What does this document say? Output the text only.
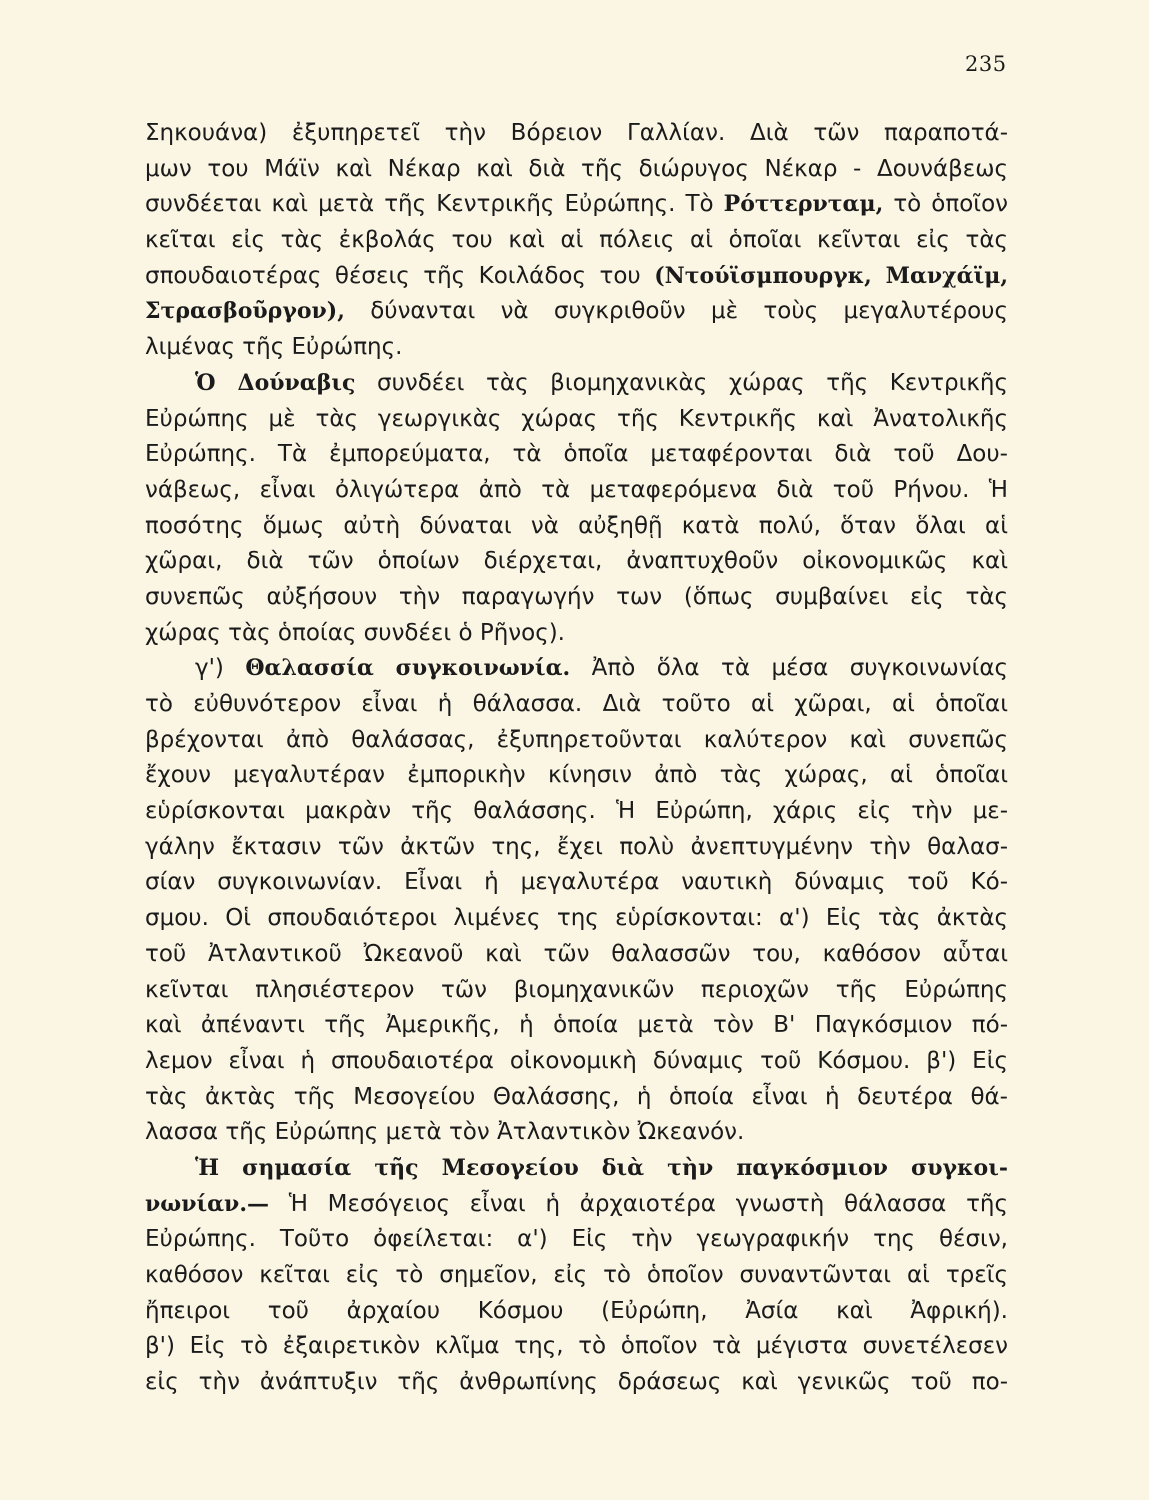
235
Σηκουάνα) ἐξυπηρετεῖ τὴν Βόρειον Γαλλίαν. Διὰ τῶν παραποτά-
μων του Μάϊν καὶ Νέκαρ καὶ διὰ τῆς διώρυγος Νέκαρ - Δουνάβεως
συνδέεται καὶ μετὰ τῆς Κεντρικῆς Εὐρώπης. Τὸ Ρόττερνταμ, τὸ ὁποῖον
κεῖται εἰς τὰς ἐκβολάς του καὶ αἱ πόλεις αἱ ὁποῖαι κεῖνται εἰς τὰς
σπουδαιοτέρας θέσεις τῆς Κοιλάδος του (Ντούϊσμπουργκ, Μανχάϊμ,
Στρασβοῦργον), δύνανται νὰ συγκριθοῦν μὲ τοὺς μεγαλυτέρους
λιμένας τῆς Εὐρώπης.
Ὁ Δούναβις συνδέει τὰς βιομηχανικὰς χώρας τῆς Κεντρικῆς
Εὐρώπης μὲ τὰς γεωργικὰς χώρας τῆς Κεντρικῆς καὶ Ἀνατολικῆς
Εὐρώπης. Τὰ ἐμπορεύματα, τὰ ὁποῖα μεταφέρονται διὰ τοῦ Δου-
νάβεως, εἶναι ὀλιγώτερα ἀπὸ τὰ μεταφερόμενα διὰ τοῦ Ρήνου. Ἡ
ποσότης ὅμως αὐτὴ δύναται νὰ αὐξηθῇ κατὰ πολύ, ὅταν ὅλαι αἱ
χῶραι, διὰ τῶν ὁποίων διέρχεται, ἀναπτυχθοῦν οἰκονομικῶς καὶ
συνεπῶς αὐξήσουν τὴν παραγωγήν των (ὅπως συμβαίνει εἰς τὰς
χώρας τὰς ὁποίας συνδέει ὁ Ρῆνος).
γ') Θαλασσία συγκοινωνία. Ἀπὸ ὅλα τὰ μέσα συγκοινωνίας
τὸ εὐθυνότερον εἶναι ἡ θάλασσα. Διὰ τοῦτο αἱ χῶραι, αἱ ὁποῖαι
βρέχονται ἀπὸ θαλάσσας, ἐξυπηρετοῦνται καλύτερον καὶ συνεπῶς
ἔχουν μεγαλυτέραν ἐμπορικὴν κίνησιν ἀπὸ τὰς χώρας, αἱ ὁποῖαι
εὑρίσκονται μακρὰν τῆς θαλάσσης. Ἡ Εὐρώπη, χάρις εἰς τὴν με-
γάλην ἔκτασιν τῶν ἀκτῶν της, ἔχει πολὺ ἀνεπτυγμένην τὴν θαλασ-
σίαν συγκοινωνίαν. Εἶναι ἡ μεγαλυτέρα ναυτικὴ δύναμις τοῦ Κό-
σμου. Οἱ σπουδαιότεροι λιμένες της εὑρίσκονται: α') Εἰς τὰς ἀκτὰς
τοῦ Ἀτλαντικοῦ Ὠκεανοῦ καὶ τῶν θαλασσῶν του, καθόσον αὗται
κεῖνται πλησιέστερον τῶν βιομηχανικῶν περιοχῶν τῆς Εὐρώπης
καὶ ἀπέναντι τῆς Ἀμερικῆς, ἡ ὁποία μετὰ τὸν Β' Παγκόσμιον πό-
λεμον εἶναι ἡ σπουδαιοτέρα οἰκονομικὴ δύναμις τοῦ Κόσμου. β') Εἰς
τὰς ἀκτὰς τῆς Μεσογείου Θαλάσσης, ἡ ὁποία εἶναι ἡ δευτέρα θά-
λασσα τῆς Εὐρώπης μετὰ τὸν Ἀτλαντικὸν Ὠκεανόν.
Ἡ σημασία τῆς Μεσογείου διὰ τὴν παγκόσμιον συγκοι-
νωνίαν.— Ἡ Μεσόγειος εἶναι ἡ ἀρχαιοτέρα γνωστὴ θάλασσα τῆς
Εὐρώπης. Τοῦτο ὀφείλεται: α') Εἰς τὴν γεωγραφικήν της θέσιν,
καθόσον κεῖται εἰς τὸ σημεῖον, εἰς τὸ ὁποῖον συναντῶνται αἱ τρεῖς
ἤπειροι τοῦ ἀρχαίου Κόσμου (Εὐρώπη, Ἀσία καὶ Ἀφρική).
β') Εἰς τὸ ἐξαιρετικὸν κλῖμα της, τὸ ὁποῖον τὰ μέγιστα συνετέλεσεν
εἰς τὴν ἀνάπτυξιν τῆς ἀνθρωπίνης δράσεως καὶ γενικῶς τοῦ πο-
